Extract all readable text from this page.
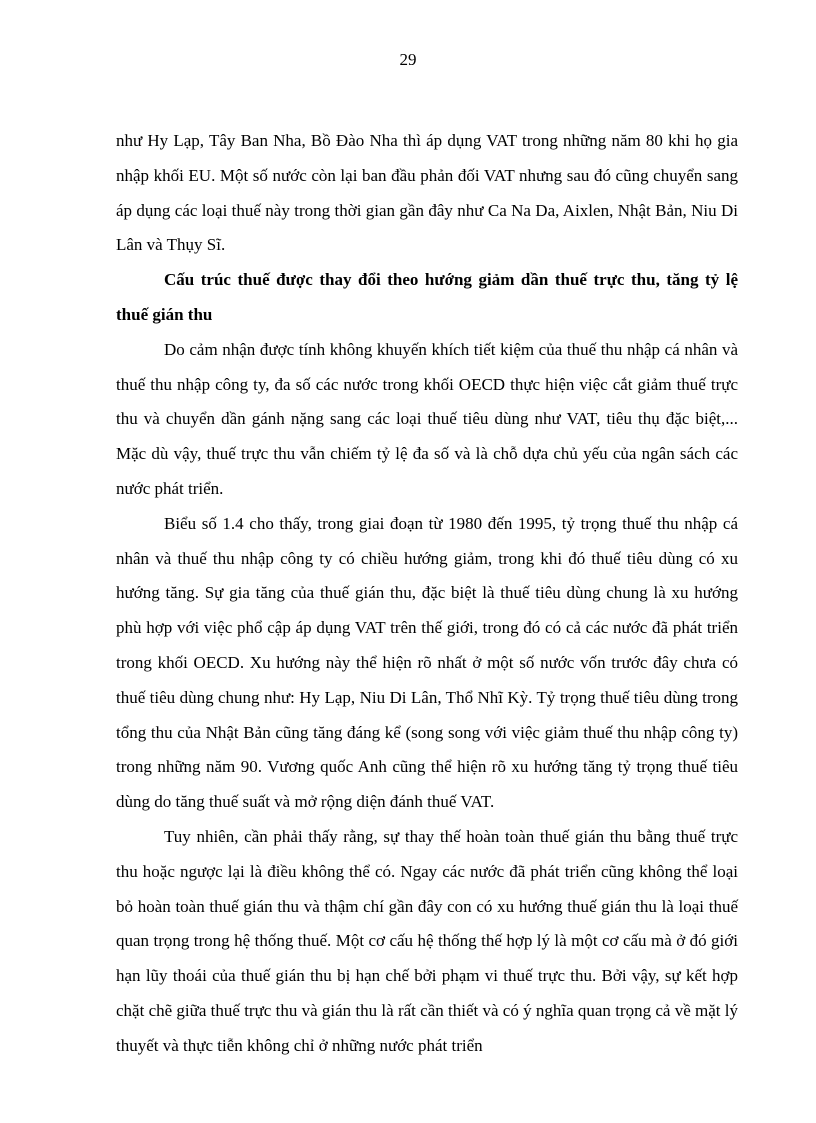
29

như Hy Lạp, Tây Ban Nha, Bồ Đào Nha thì áp dụng VAT trong những năm 80 khi họ gia nhập khối EU. Một số nước còn lại ban đầu phản đối VAT nhưng sau đó cũng chuyển sang áp dụng các loại thuế này trong thời gian gần đây như Ca Na Da, Aixlen, Nhật Bản, Niu Di Lân và Thụy Sĩ.

Cấu trúc thuế được thay đổi theo hướng giảm dần thuế trực thu, tăng tỷ lệ thuế gián thu

Do cảm nhận được tính không khuyến khích tiết kiệm của thuế thu nhập cá nhân và thuế thu nhập công ty, đa số các nước trong khối OECD thực hiện việc cắt giảm thuế trực thu và chuyển dần gánh nặng sang các loại thuế tiêu dùng như VAT, tiêu thụ đặc biệt,... Mặc dù vậy, thuế trực thu vẫn chiếm tỷ lệ đa số và là chỗ dựa chủ yếu của ngân sách các nước phát triển.

Biểu số 1.4 cho thấy, trong giai đoạn từ 1980 đến 1995, tỷ trọng thuế thu nhập cá nhân và thuế thu nhập công ty có chiều hướng giảm, trong khi đó thuế tiêu dùng có xu hướng tăng. Sự gia tăng của thuế gián thu, đặc biệt là thuế tiêu dùng chung là xu hướng phù hợp với việc phổ cập áp dụng VAT trên thế giới, trong đó có cả các nước đã phát triển trong khối OECD. Xu hướng này thể hiện rõ nhất ở một số nước vốn trước đây chưa có thuế tiêu dùng chung như: Hy Lạp, Niu Di Lân, Thổ Nhĩ Kỳ. Tỷ trọng thuế tiêu dùng trong tổng thu của Nhật Bản cũng tăng đáng kể (song song với việc giảm thuế thu nhập công ty) trong những năm 90. Vương quốc Anh cũng thể hiện rõ xu hướng tăng tỷ trọng thuế tiêu dùng do tăng thuế suất và mở rộng diện đánh thuế VAT.

Tuy nhiên, cần phải thấy rằng, sự thay thế hoàn toàn thuế gián thu bằng thuế trực thu hoặc ngược lại là điều không thể có. Ngay các nước đã phát triển cũng không thể loại bỏ hoàn toàn thuế gián thu và thậm chí gần đây con có xu hướng thuế gián thu là loại thuế quan trọng trong hệ thống thuế. Một cơ cấu hệ thống thế hợp lý là một cơ cấu mà ở đó giới hạn lũy thoái của thuế gián thu bị hạn chế bởi phạm vi thuế trực thu. Bởi vậy, sự kết hợp chặt chẽ giữa thuế trực thu và gián thu là rất cần thiết và có ý nghĩa quan trọng cả về mặt lý thuyết và thực tiễn không chỉ ở những nước phát triển
